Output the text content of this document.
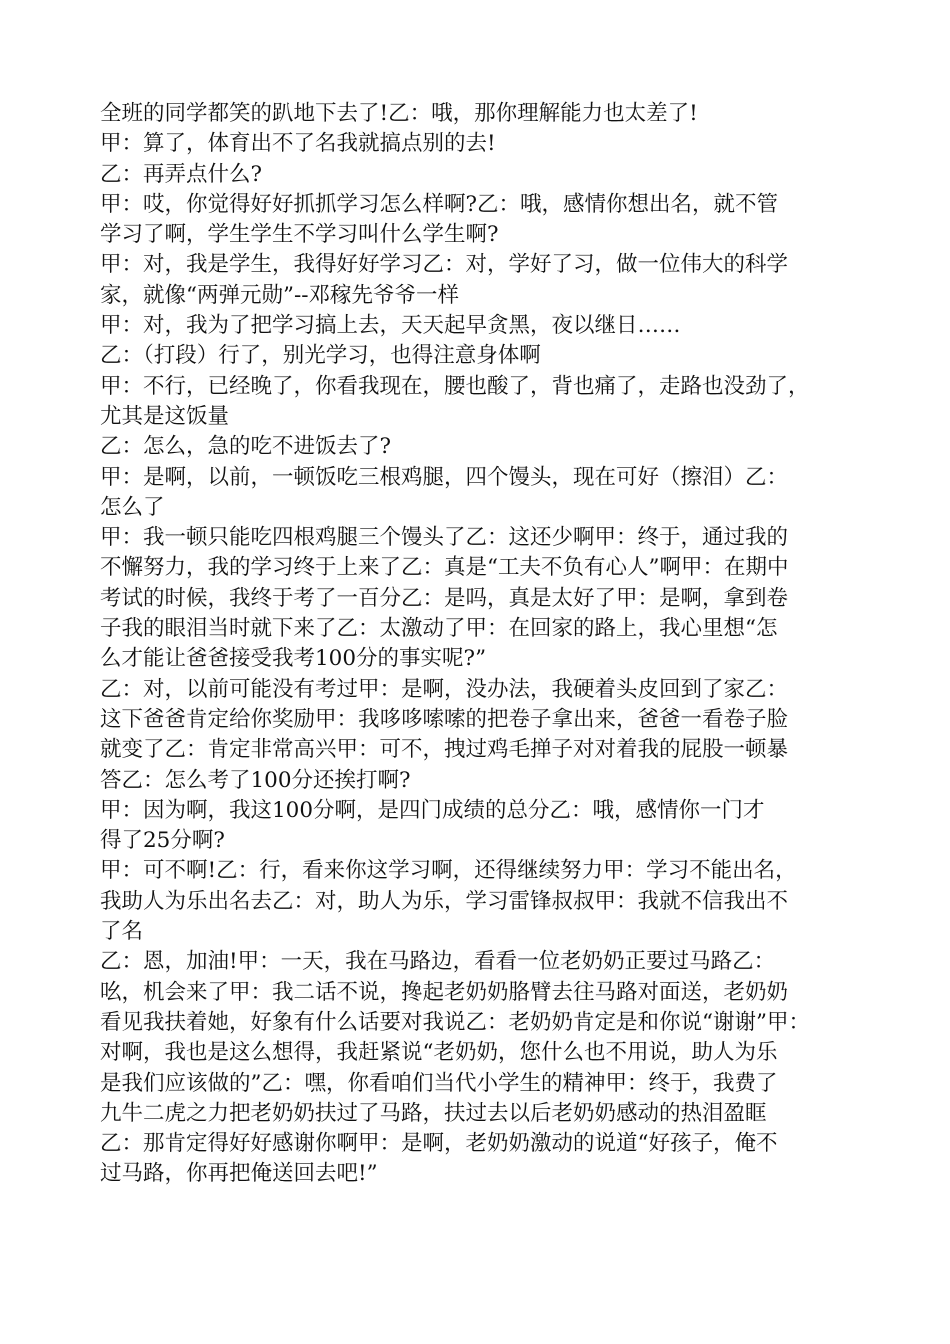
全班的同学都笑的趴地下去了!乙：哦，那你理解能力也太差了!
甲：算了，体育出不了名我就搞点别的去!
乙：再弄点什么?
甲：哎，你觉得好好抓抓学习怎么样啊?乙：哦，感情你想出名，就不管
学习了啊，学生学生不学习叫什么学生啊?
甲：对，我是学生，我得好好学习乙：对，学好了习，做一位伟大的科学
家，就像“两弹元勋”--邓稼先爷爷一样
甲：对，我为了把学习搞上去，天天起早贪黑，夜以继日……
乙：（打段）行了，别光学习，也得注意身体啊
甲：不行，已经晚了，你看我现在，腰也酸了，背也痛了，走路也没劲了，
尤其是这饭量
乙：怎么，急的吃不进饭去了?
甲：是啊，以前，一顿饭吃三根鸡腿，四个馒头，现在可好（擦泪）乙：
怎么了
甲：我一顿只能吃四根鸡腿三个馒头了乙：这还少啊甲：终于，通过我的
不懈努力，我的学习终于上来了乙：真是“工夫不负有心人”啊甲：在期中
考试的时候，我终于考了一百分乙：是吗，真是太好了甲：是啊，拿到卷
子我的眼泪当时就下来了乙：太激动了甲：在回家的路上，我心里想“怎
么才能让爸爸接受我考100分的事实呢?”
乙：对，以前可能没有考过甲：是啊，没办法，我硬着头皮回到了家乙：
这下爸爸肯定给你奖励甲：我哆哆嗦嗦的把卷子拿出来，爸爸一看卷子脸
就变了乙：肯定非常高兴甲：可不，拽过鸡毛掸子对对着我的屁股一顿暴
答乙：怎么考了100分还挨打啊?
甲：因为啊，我这100分啊，是四门成绩的总分乙：哦，感情你一门才
得了25分啊?
甲：可不啊!乙：行，看来你这学习啊，还得继续努力甲：学习不能出名，
我助人为乐出名去乙：对，助人为乐，学习雷锋叔叔甲：我就不信我出不
了名
乙：恩，加油!甲：一天，我在马路边，看看一位老奶奶正要过马路乙：
吆，机会来了甲：我二话不说，搀起老奶奶胳臂去往马路对面送，老奶奶
看见我扶着她，好象有什么话要对我说乙：老奶奶肯定是和你说“谢谢”甲：
对啊，我也是这么想得，我赶紧说“老奶奶，您什么也不用说，助人为乐
是我们应该做的”乙：嘿，你看咱们当代小学生的精神甲：终于，我费了
九牛二虎之力把老奶奶扶过了马路，扶过去以后老奶奶感动的热泪盈眶
乙：那肯定得好好感谢你啊甲：是啊，老奶奶激动的说道“好孩子，俺不
过马路，你再把俺送回去吧!”
